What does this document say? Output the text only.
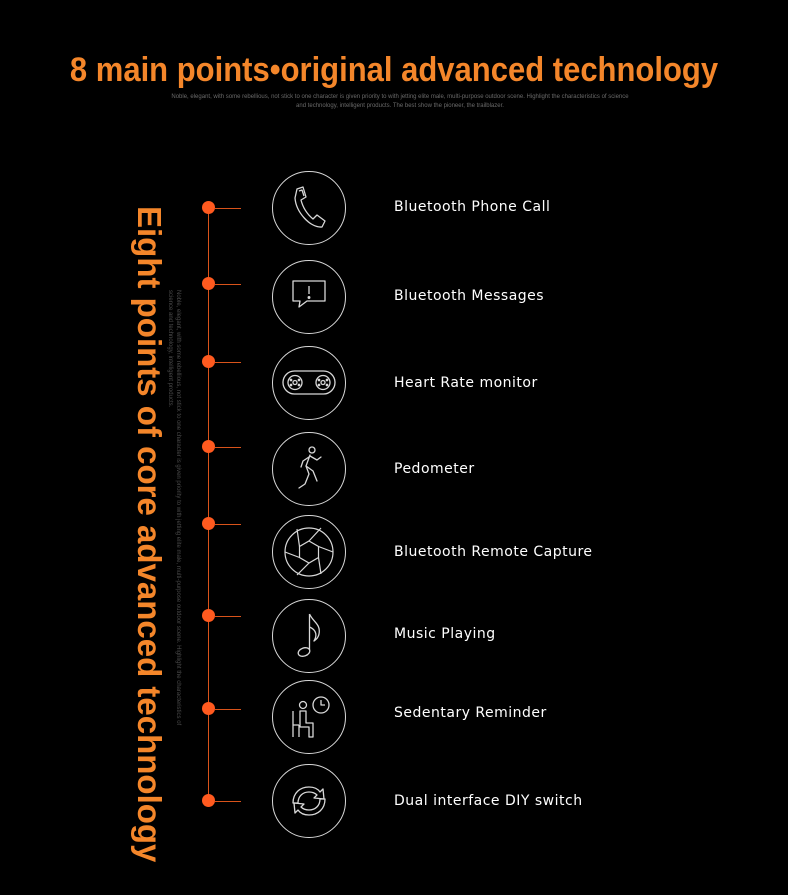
8 main points•original advanced technology
Noble, elegant, with some rebellious, not stick to one character is given priority to with jetting elite male, multi-purpose outdoor scene. Highlight the characteristics of science and technology, intelligent products. The best show the pioneer, the trailblazer.
Eight points of core advanced technology	Noble, elegant, with some rebellious, not stick to one character is given priority to with jetting elite male, multi-purpose outdoor scene. Highlight the characteristics of science and technology, intelligent products.
Bluetooth Phone Call
Bluetooth Messages
Heart Rate monitor
Pedometer
Bluetooth Remote Capture
Music Playing
Sedentary Reminder
Dual interface DIY switch
